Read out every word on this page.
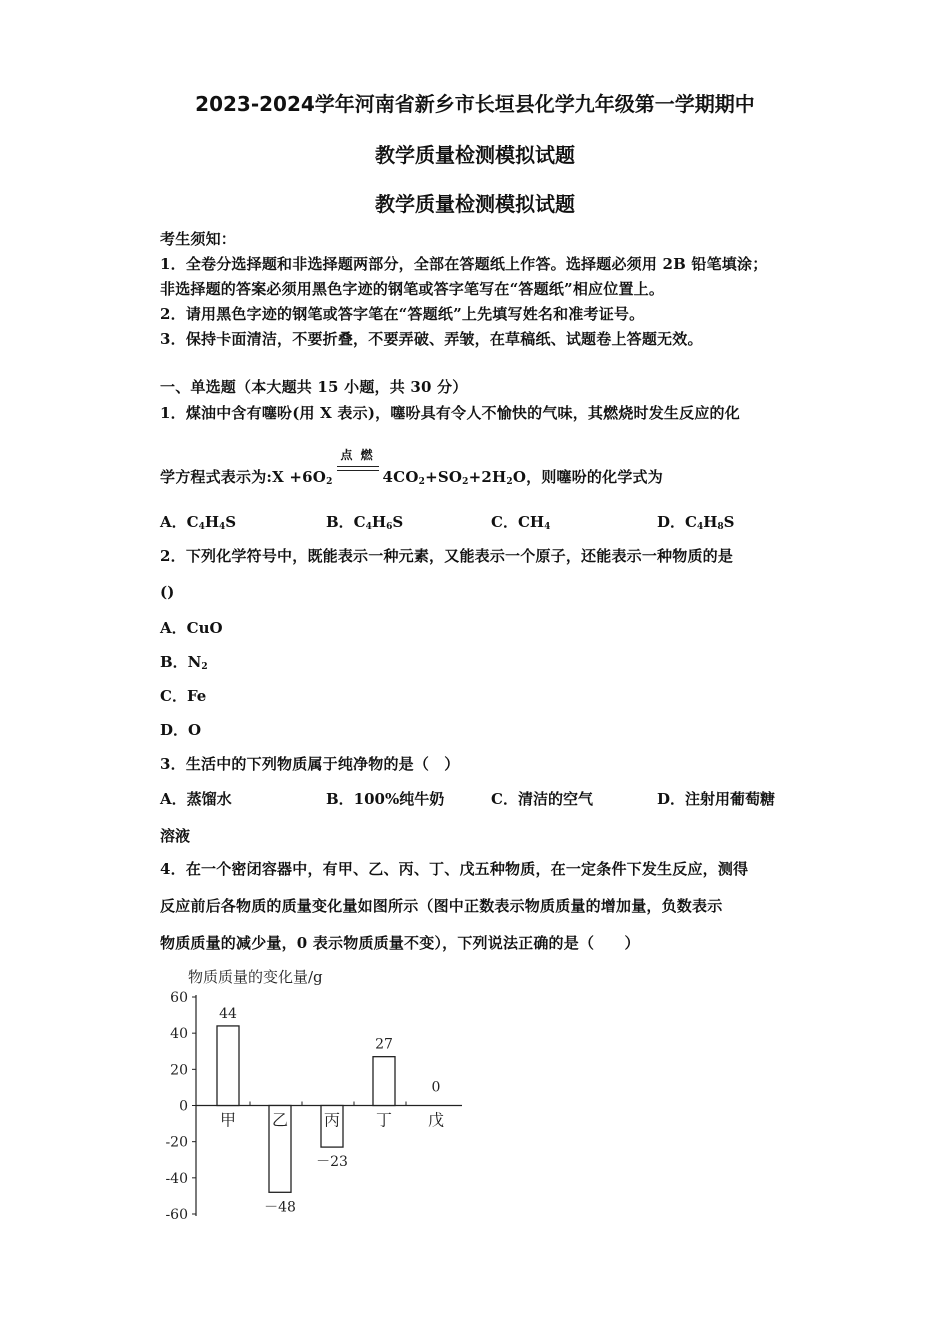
2023-2024学年河南省新乡市长垣县化学九年级第一学期期中
教学质量检测模拟试题
教学质量检测模拟试题
考生须知：
1．全卷分选择题和非选择题两部分，全部在答题纸上作答。选择题必须用 2B 铅笔填涂；
非选择题的答案必须用黑色字迹的钢笔或答字笔写在“答题纸”相应位置上。
2．请用黑色字迹的钢笔或答字笔在“答题纸”上先填写姓名和准考证号。
3．保持卡面清洁，不要折叠，不要弄破、弄皱，在草稿纸、试题卷上答题无效。
一、单选题（本大题共 15 小题，共 30 分）
1．煤油中含有噻吩(用 X 表示)，噻吩具有令人不愉快的气味，其燃烧时发生反应的化
学方程式表示为:X $+6O_2$
点 燃
$4CO_2+SO_2+2H_2O$，则噻吩的化学式为
A．$C_4H_4S$	B．$C_4H_6S$	C．$CH_4$	D．$C_4H_8S$
2．下列化学符号中，既能表示一种元素，又能表示一个原子，还能表示一种物质的是
()
A．CuO
B．$N_2$
C．Fe
D．O
3．生活中的下列物质属于纯净物的是（　）
A．蒸馏水	B．100%纯牛奶	C．清洁的空气	D．注射用葡萄糖
溶液
4．在一个密闭容器中，有甲、乙、丙、丁、戊五种物质，在一定条件下发生反应，测得
反应前后各物质的质量变化量如图所示（图中正数表示物质质量的增加量，负数表示
物质质量的减少量，0 表示物质质量不变），下列说法正确的是（　　）
物质质量的变化量/g
60
40
20
0
-20
-40
-60
甲
44
乙
－48
丙
－23
丁
27
戊
0
